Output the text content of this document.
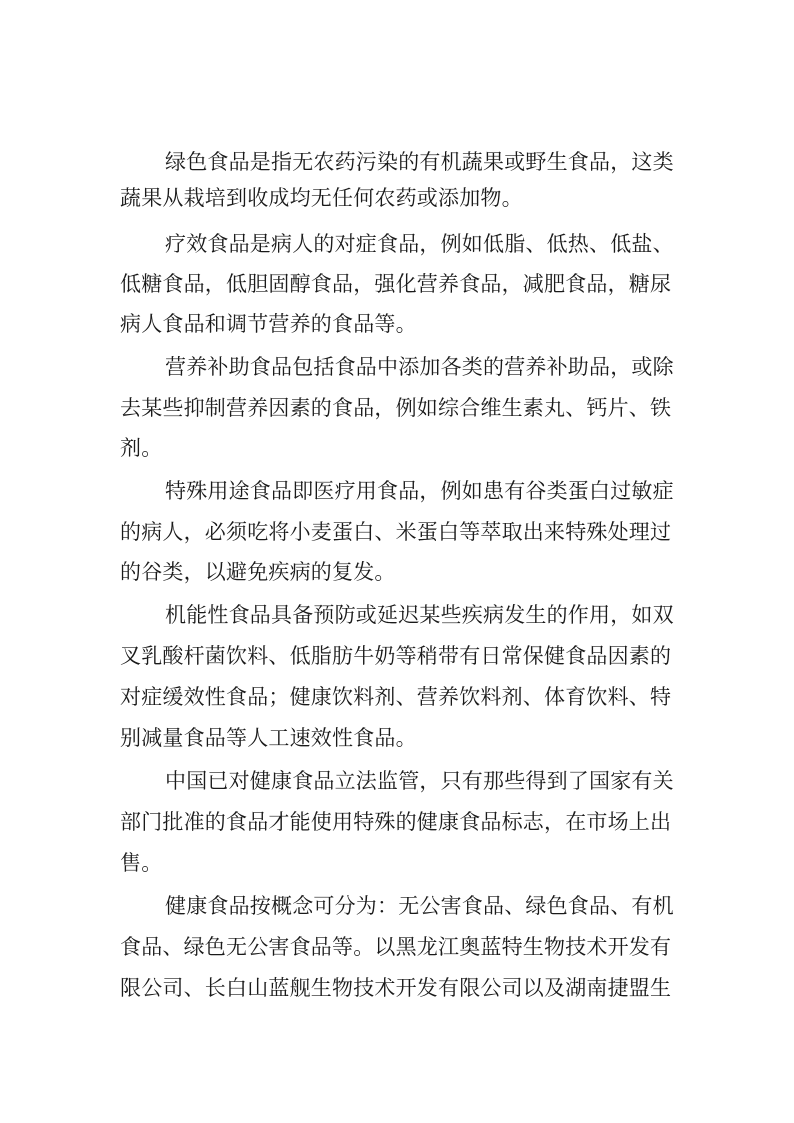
绿色食品是指无农药污染的有机蔬果或野生食品，这类
蔬果从栽培到收成均无任何农药或添加物。
疗效食品是病人的对症食品，例如低脂、低热、低盐、
低糖食品，低胆固醇食品，强化营养食品，减肥食品，糖尿
病人食品和调节营养的食品等。
营养补助食品包括食品中添加各类的营养补助品，或除
去某些抑制营养因素的食品，例如综合维生素丸、钙片、铁
剂。
特殊用途食品即医疗用食品，例如患有谷类蛋白过敏症
的病人，必须吃将小麦蛋白、米蛋白等萃取出来特殊处理过
的谷类，以避免疾病的复发。
机能性食品具备预防或延迟某些疾病发生的作用，如双
叉乳酸杆菌饮料、低脂肪牛奶等稍带有日常保健食品因素的
对症缓效性食品；健康饮料剂、营养饮料剂、体育饮料、特
别减量食品等人工速效性食品。
中国已对健康食品立法监管，只有那些得到了国家有关
部门批准的食品才能使用特殊的健康食品标志，在市场上出
售。
健康食品按概念可分为：无公害食品、绿色食品、有机
食品、绿色无公害食品等。以黑龙江奥蓝特生物技术开发有
限公司、长白山蓝舰生物技术开发有限公司以及湖南捷盟生
